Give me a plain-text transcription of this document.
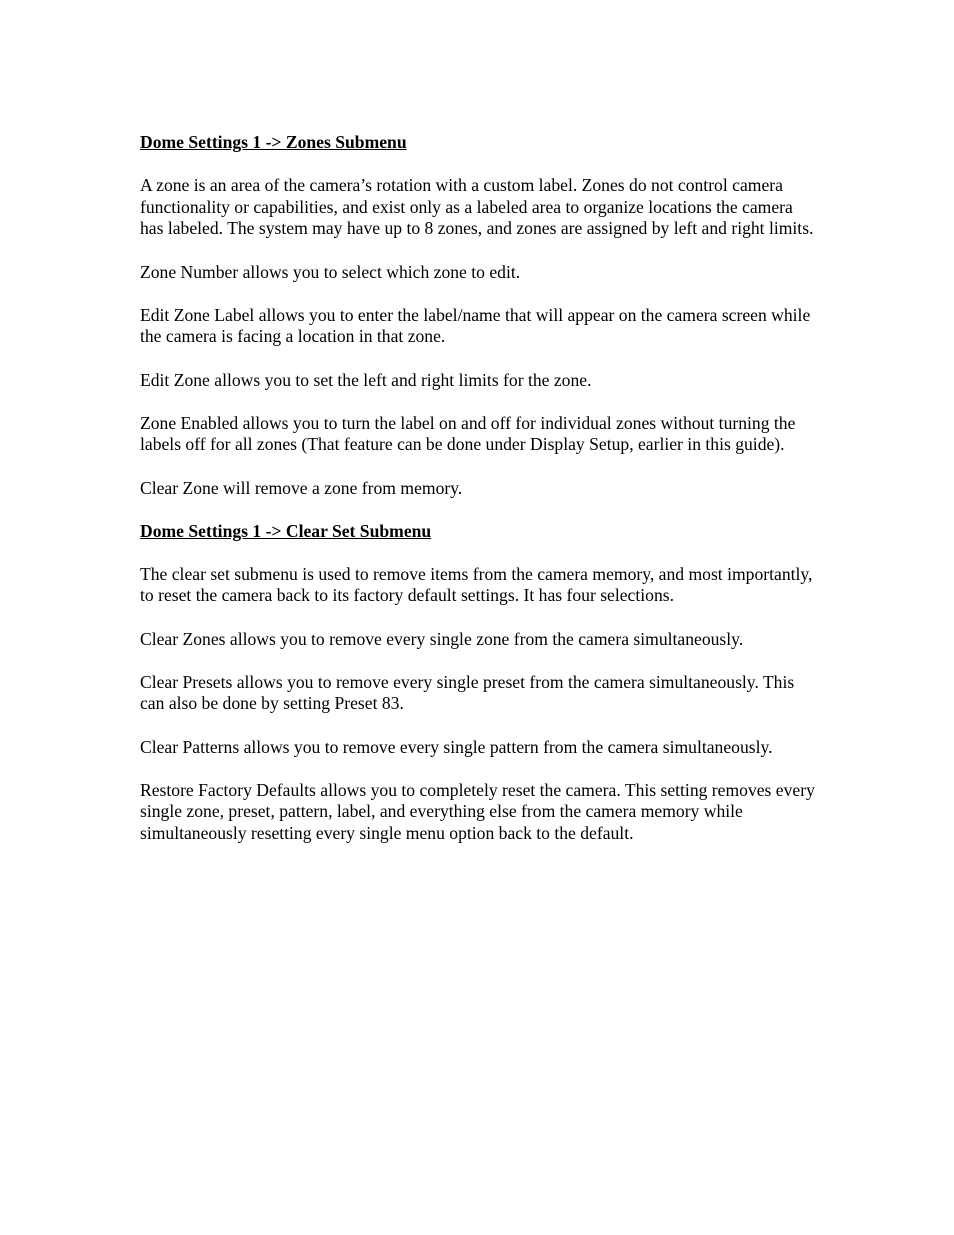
Dome Settings 1 -> Zones Submenu

A zone is an area of the camera’s rotation with a custom label. Zones do not control camera functionality or capabilities, and exist only as a labeled area to organize locations the camera has labeled. The system may have up to 8 zones, and zones are assigned by left and right limits.

Zone Number allows you to select which zone to edit.

Edit Zone Label allows you to enter the label/name that will appear on the camera screen while the camera is facing a location in that zone.

Edit Zone allows you to set the left and right limits for the zone.

Zone Enabled allows you to turn the label on and off for individual zones without turning the labels off for all zones (That feature can be done under Display Setup, earlier in this guide).

Clear Zone will remove a zone from memory.

Dome Settings 1 -> Clear Set Submenu

The clear set submenu is used to remove items from the camera memory, and most importantly, to reset the camera back to its factory default settings. It has four selections.

Clear Zones allows you to remove every single zone from the camera simultaneously.

Clear Presets allows you to remove every single preset from the camera simultaneously. This can also be done by setting Preset 83.

Clear Patterns allows you to remove every single pattern from the camera simultaneously.

Restore Factory Defaults allows you to completely reset the camera. This setting removes every single zone, preset, pattern, label, and everything else from the camera memory while simultaneously resetting every single menu option back to the default.
